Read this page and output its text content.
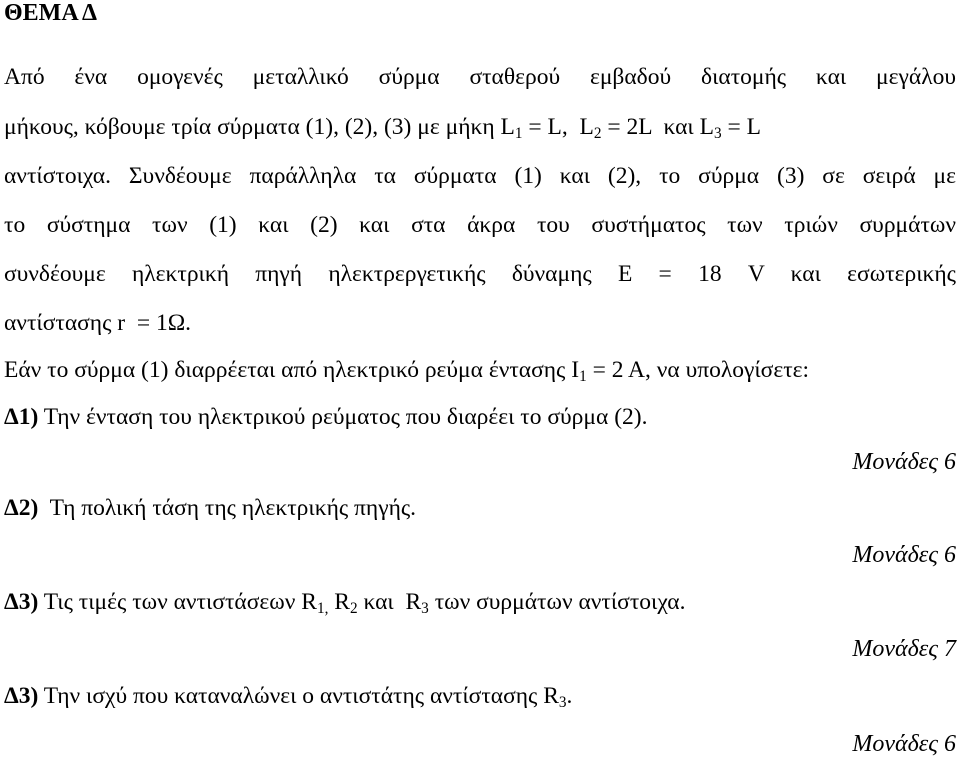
ΘΕΜΑ Δ
Από ένα ομογενές μεταλλικό σύρμα σταθερού εμβαδού διατομής και μεγάλου
μήκους, κόβουμε τρία σύρματα (1), (2), (3) με μήκη $L_1 = L$,  $L_2 = 2L$  και $L_3 = L$
αντίστοιχα. Συνδέουμε παράλληλα τα σύρματα (1) και (2), το σύρμα (3) σε σειρά με
το σύστημα των (1) και (2) και στα άκρα του συστήματος των τριών συρμάτων
συνδέουμε ηλεκτρική πηγή ηλεκτρεργετικής δύναμης Ε = 18 V και εσωτερικής
αντίστασης r  = 1Ω.
Εάν το σύρμα (1) διαρρέεται από ηλεκτρικό ρεύμα έντασης $I_1 = 2$ A, να υπολογίσετε:
Δ1) Την ένταση του ηλεκτρικού ρεύματος που διαρέει το σύρμα (2).
Μονάδες 6
Δ2)  Τη πολική τάση της ηλεκτρικής πηγής.
Μονάδες 6
Δ3) Τις τιμές των αντιστάσεων $R_{1,}$ $R_2$ και  $R_3$ των συρμάτων αντίστοιχα.
Μονάδες 7
Δ3) Την ισχύ που καταναλώνει ο αντιστάτης αντίστασης $R_3$.
Μονάδες 6
